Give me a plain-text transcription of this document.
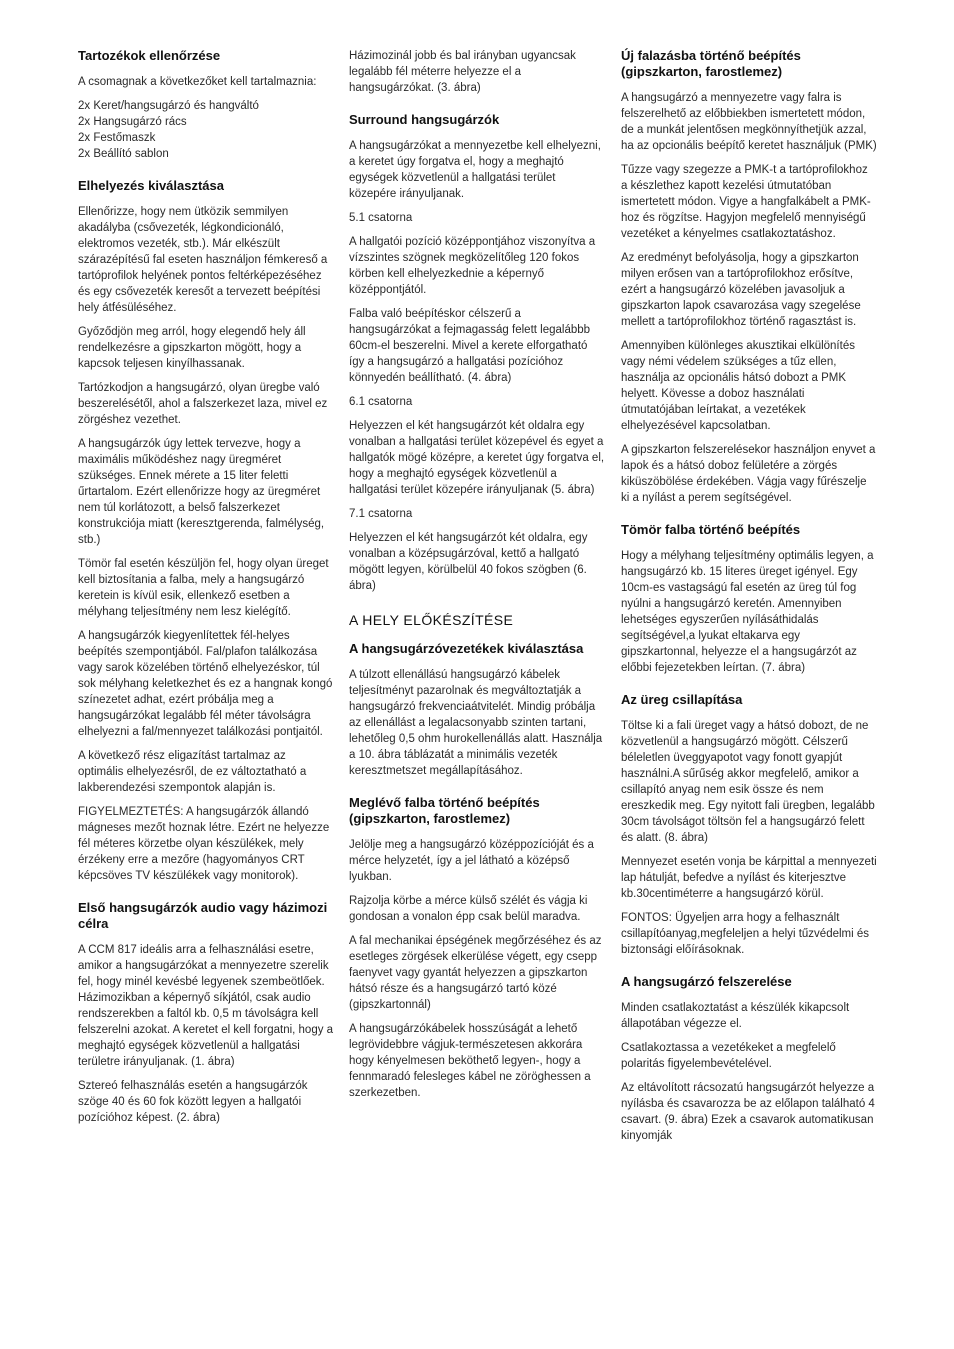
Tartozékok ellenőrzése

A csomagnak a következőket kell tartalmaznia:

2x Keret/hangsugárzó és hangváltó
2x Hangsugárzó rács
2x Festőmaszk
2x Beállító sablon

Elhelyezés kiválasztása

Ellenőrizze, hogy nem ütközik semmilyen akadályba (csővezeték, légkondicionáló, elektromos vezeték, stb.). Már elkészült szárazépítésű fal eseten használjon fémkereső a tartóprofilok helyének pontos feltérképezéséhez és egy csővezeték keresőt a tervezett beépítési hely átfésüléséhez.

Győződjön meg arról, hogy elegendő hely áll rendelkezésre a gipszkarton mögött, hogy a kapcsok teljesen kinyílhassanak.

Tartózkodjon a hangsugárzó, olyan üregbe való beszerelésétől, ahol a falszerkezet laza, mivel ez zörgéshez vezethet.

A hangsugárzók úgy lettek tervezve, hogy a maximális működéshez nagy üregméret szükséges. Ennek mérete a 15 liter feletti űrtartalom. Ezért ellenőrizze hogy az üregméret nem túl korlátozott, a belső falszerkezet konstrukciója miatt (keresztgerenda, falmélység, stb.)

Tömör fal esetén készüljön fel, hogy olyan üreget kell biztosítania a falba, mely a hangsugárzó keretein is kívül esik, ellenkező esetben a mélyhang teljesítmény nem lesz kielégítő.

A hangsugárzók kiegyenlítettek fél-helyes beépítés szempontjából. Fal/plafon találkozása vagy sarok közelében történő elhelyezéskor, túl sok mélyhang keletkezhet és ez a hangnak kongó színezetet adhat, ezért próbálja meg a hangsugárzókat legalább fél méter távolságra elhelyezni a fal/mennyezet találkozási pontjaitól.

A következő rész eligazítást tartalmaz az optimális elhelyezésről, de ez változtatható a lakberendezési szempontok alapján is.

FIGYELMEZTETÉS: A hangsugárzók állandó mágneses mezőt hoznak létre. Ezért ne helyezze fél méteres körzetbe olyan készülékek, mely érzékeny erre a mezőre (hagyományos CRT képcsöves TV készülékek vagy monitorok).

Első hangsugárzók audio vagy házimozi célra

A CCM 817 ideális arra a felhasználási esetre, amikor a hangsugárzókat a mennyezetre szerelik fel, hogy minél kevésbé legyenek szembeötlőek. Házimozikban a képernyő síkjától, csak audio rendszerekben a faltól kb. 0,5 m távolságra kell felszerelni azokat. A keretet el kell forgatni, hogy a meghajtó egységek közvetlenül a hallgatási területre irányuljanak. (1. ábra)

Sztereó felhasználás esetén a hangsugárzók szöge 40 és 60 fok között legyen a hallgatói pozícióhoz képest. (2. ábra)

Házimozinál jobb és bal irányban ugyancsak legalább fél méterre helyezze el a hangsugárzókat. (3. ábra)

Surround hangsugárzók

A hangsugárzókat a mennyezetbe kell elhelyezni, a keretet úgy forgatva el, hogy a meghajtó egységek közvetlenül a hallgatási terület közepére irányuljanak.

5.1 csatorna

A hallgatói pozíció középpontjához viszonyítva a vízszintes szögnek megközelítőleg 120 fokos körben kell elhelyezkednie a képernyő középpontjától.

Falba való beépítéskor célszerű a hangsugárzókat a fejmagasság felett legalábbb 60cm-el beszerelni. Mivel a kerete elforgatható így a hangsugárzó a hallgatási pozícióhoz könnyedén beállítható. (4. ábra)

6.1 csatorna

Helyezzen el két hangsugárzót két oldalra egy vonalban a hallgatási terület közepével és egyet a hallgatók mögé középre, a keretet úgy forgatva el, hogy a meghajtó egységek közvetlenül a hallgatási terület közepére irányuljanak (5. ábra)

7.1 csatorna

Helyezzen el két hangsugárzót két oldalra, egy vonalban a középsugárzóval, kettő a hallgató mögött legyen, körülbelül 40 fokos szögben (6. ábra)

A HELY ELŐKÉSZÍTÉSE
A hangsugárzóvezetékek kiválasztása

A túlzott ellenállású hangsugárzó kábelek teljesítményt pazarolnak és megváltoztatják a hangsugárzó frekvenciaátvitelét. Mindig próbálja az ellenállást a legalacsonyabb szinten tartani, lehetőleg 0,5 ohm hurokellenállás alatt. Használja a 10. ábra táblázatát a minimális vezeték keresztmetszet megállapításához.

Meglévő falba történő beépítés (gipszkarton, farostlemez)

Jelölje meg a hangsugárzó középpozícióját és a mérce helyzetét, így a jel látható a középső lyukban.

Rajzolja körbe a mérce külső szélét és vágja ki gondosan a vonalon épp csak belül maradva.

A fal mechanikai épségének megőrzéséhez és az esetleges zörgések elkerülése végett, egy csepp faenyvet vagy gyantát helyezzen a gipszkarton hátsó része és a hangsugárzó tartó közé (gipszkartonnál)

A hangsugárzókábelek hosszúságát a lehető legrövidebbre vágjuk-természetesen akkorára hogy kényelmesen beköthető legyen-, hogy a fennmaradó felesleges kábel ne zöröghessen a szerkezetben.

Új falazásba történő beépítés (gipszkarton, farostlemez)

A hangsugárzó a mennyezetre vagy falra is felszerelhető az előbbiekben ismertetett módon, de a munkát jelentősen megkönnyíthetjük azzal, ha az opcionális beépítő keretet használjuk (PMK)

Tűzze vagy szegezze a PMK-t a tartóprofilokhoz a készlethez kapott kezelési útmutatóban ismertetett módon. Vigye a hangfalkábelt a PMK-hoz és rögzítse. Hagyjon megfelelő mennyiségű vezetéket a kényelmes csatlakoztatáshoz.

Az eredményt befolyásolja, hogy a gipszkarton milyen erősen van a tartóprofilokhoz erősítve, ezért a hangsugárzó közelében javasoljuk a gipszkarton lapok csavarozása vagy szegelése mellett a tartóprofilokhoz történő ragasztást is.

Amennyiben különleges akusztikai elkülönítés vagy némi védelem szükséges a tűz ellen, használja az opcionális hátsó dobozt a PMK helyett. Kövesse a doboz használati útmutatójában leírtakat, a vezetékek elhelyezésével kapcsolatban.

A gipszkarton felszerelésekor használjon enyvet a lapok és a hátsó doboz felületére a zörgés kiküszöbölése érdekében. Vágja vagy fűrészelje ki a nyílást a perem segítségével.

Tömör falba történő beépítés

Hogy a mélyhang teljesítmény optimális legyen, a hangsugárzó kb. 15 literes üreget igényel. Egy 10cm-es vastagságú fal esetén az üreg túl fog nyúlni a hangsugárzó keretén. Amennyiben lehetséges egyszerűen nyílásáthidalás segítségével,a lyukat eltakarva egy gipszkartonnal, helyezze el a hangsugárzót az előbbi fejezetekben leírtan. (7. ábra)

Az üreg csillapítása

Töltse ki a fali üreget vagy a hátsó dobozt, de ne közvetlenül a hangsugárzó mögött. Célszerű béleletlen üveggyapotot vagy fonott gyapjút használni.A sűrűség akkor megfelelő, amikor a csillapító anyag nem esik össze és nem ereszkedik meg. Egy nyitott fali üregben, legalább 30cm távolságot töltsön fel a hangsugárzó felett és alatt. (8. ábra)

Mennyezet esetén vonja be kárpittal a mennyezeti lap hátulját, befedve a nyílást és kiterjesztve kb.30centiméterre a hangsugárzó körül.

FONTOS: Ügyeljen arra hogy a felhasznált csillapítóanyag,megfeleljen a helyi tűzvédelmi és biztonsági előírásoknak.

A hangsugárzó felszerelése

Minden csatlakoztatást a készülék kikapcsolt állapotában végezze el.

Csatlakoztassa a vezetékeket a megfelelő polaritás figyelembevételével.

Az eltávolított rácsozatú hangsugárzót helyezze a nyílásba és csavarozza be az előlapon található 4 csavart. (9. ábra) Ezek a csavarok automatikusan kinyomják
